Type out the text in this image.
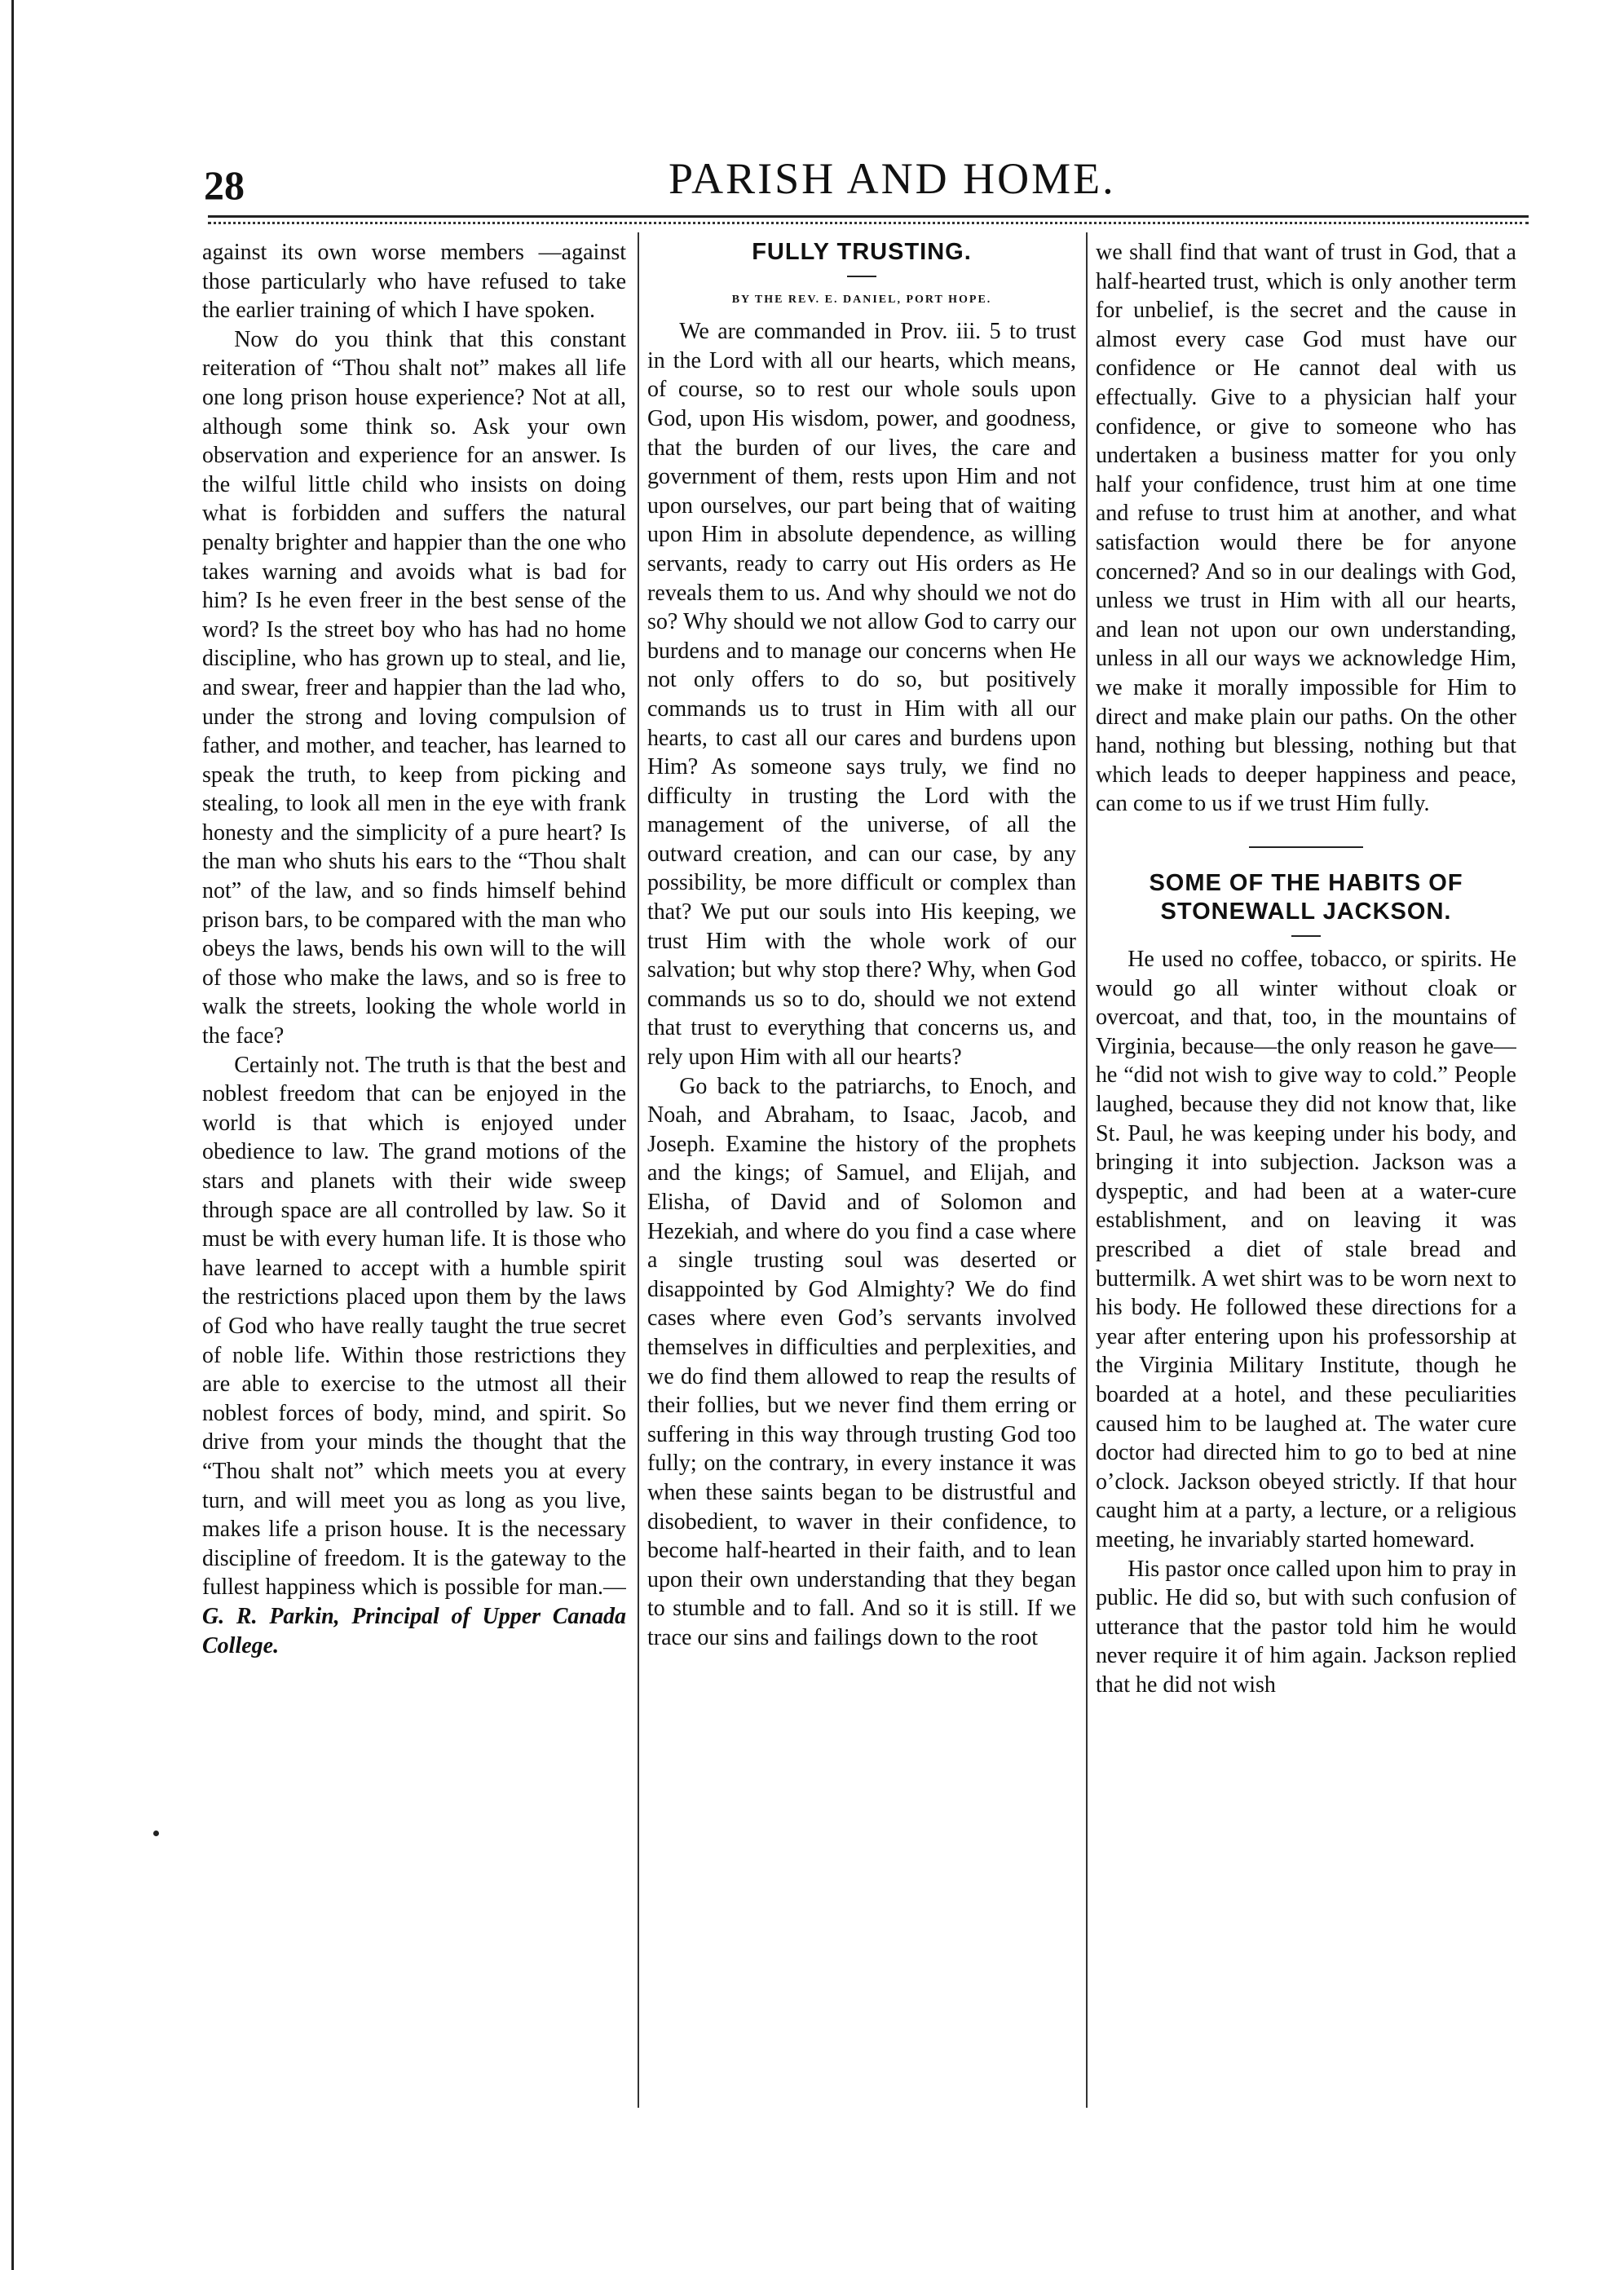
28	PARISH AND HOME.

against its own worse members —against those particularly who have refused to take the earlier training of which I have spoken.

Now do you think that this constant reiteration of “Thou shalt not” makes all life one long prison house experience? Not at all, although some think so. Ask your own observation and experience for an answer. Is the wilful little child who insists on doing what is forbidden and suffers the natural penalty brighter and happier than the one who takes warning and avoids what is bad for him? Is he even freer in the best sense of the word? Is the street boy who has had no home discipline, who has grown up to steal, and lie, and swear, freer and happier than the lad who, under the strong and loving compulsion of father, and mother, and teacher, has learned to speak the truth, to keep from picking and stealing, to look all men in the eye with frank honesty and the simplicity of a pure heart? Is the man who shuts his ears to the “Thou shalt not” of the law, and so finds himself behind prison bars, to be compared with the man who obeys the laws, bends his own will to the will of those who make the laws, and so is free to walk the streets, looking the whole world in the face?

Certainly not. The truth is that the best and noblest freedom that can be enjoyed in the world is that which is enjoyed under obedience to law. The grand motions of the stars and planets with their wide sweep through space are all controlled by law. So it must be with every human life. It is those who have learned to accept with a humble spirit the restrictions placed upon them by the laws of God who have really taught the true secret of noble life. Within those restrictions they are able to exercise to the utmost all their noblest forces of body, mind, and spirit. So drive from your minds the thought that the “Thou shalt not” which meets you at every turn, and will meet you as long as you live, makes life a prison house. It is the necessary discipline of freedom. It is the gateway to the fullest happiness which is possible for man.—G. R. Parkin, Principal of Upper Canada College.

FULLY TRUSTING.

BY THE REV. E. DANIEL, PORT HOPE.

We are commanded in Prov. iii. 5 to trust in the Lord with all our hearts, which means, of course, so to rest our whole souls upon God, upon His wisdom, power, and goodness, that the burden of our lives, the care and government of them, rests upon Him and not upon ourselves, our part being that of waiting upon Him in absolute dependence, as willing servants, ready to carry out His orders as He reveals them to us. And why should we not do so? Why should we not allow God to carry our burdens and to manage our concerns when He not only offers to do so, but positively commands us to trust in Him with all our hearts, to cast all our cares and burdens upon Him? As someone says truly, we find no difficulty in trusting the Lord with the management of the universe, of all the outward creation, and can our case, by any possibility, be more difficult or complex than that? We put our souls into His keeping, we trust Him with the whole work of our salvation; but why stop there? Why, when God commands us so to do, should we not extend that trust to everything that concerns us, and rely upon Him with all our hearts?

Go back to the patriarchs, to Enoch, and Noah, and Abraham, to Isaac, Jacob, and Joseph. Examine the history of the prophets and the kings; of Samuel, and Elijah, and Elisha, of David and of Solomon and Hezekiah, and where do you find a case where a single trusting soul was deserted or disappointed by God Almighty? We do find cases where even God’s servants involved themselves in difficulties and perplexities, and we do find them allowed to reap the results of their follies, but we never find them erring or suffering in this way through trusting God too fully; on the contrary, in every instance it was when these saints began to be distrustful and disobedient, to waver in their confidence, to become half-hearted in their faith, and to lean upon their own understanding that they began to stumble and to fall. And so it is still. If we trace our sins and failings down to the root

we shall find that want of trust in God, that a half-hearted trust, which is only another term for unbelief, is the secret and the cause in almost every case God must have our confidence or He cannot deal with us effectually. Give to a physician half your confidence, or give to someone who has undertaken a business matter for you only half your confidence, trust him at one time and refuse to trust him at another, and what satisfaction would there be for anyone concerned? And so in our dealings with God, unless we trust in Him with all our hearts, and lean not upon our own understanding, unless in all our ways we acknowledge Him, we make it morally impossible for Him to direct and make plain our paths. On the other hand, nothing but blessing, nothing but that which leads to deeper happiness and peace, can come to us if we trust Him fully.

SOME OF THE HABITS OF
STONEWALL JACKSON.

He used no coffee, tobacco, or spirits. He would go all winter without cloak or overcoat, and that, too, in the mountains of Virginia, because—the only reason he gave—he “did not wish to give way to cold.” People laughed, because they did not know that, like St. Paul, he was keeping under his body, and bringing it into subjection. Jackson was a dyspeptic, and had been at a water-cure establishment, and on leaving it was prescribed a diet of stale bread and buttermilk. A wet shirt was to be worn next to his body. He followed these directions for a year after entering upon his professorship at the Virginia Military Institute, though he boarded at a hotel, and these peculiarities caused him to be laughed at. The water cure doctor had directed him to go to bed at nine o’clock. Jackson obeyed strictly. If that hour caught him at a party, a lecture, or a religious meeting, he invariably started homeward.

His pastor once called upon him to pray in public. He did so, but with such confusion of utterance that the pastor told him he would never require it of him again. Jackson replied that he did not wish
